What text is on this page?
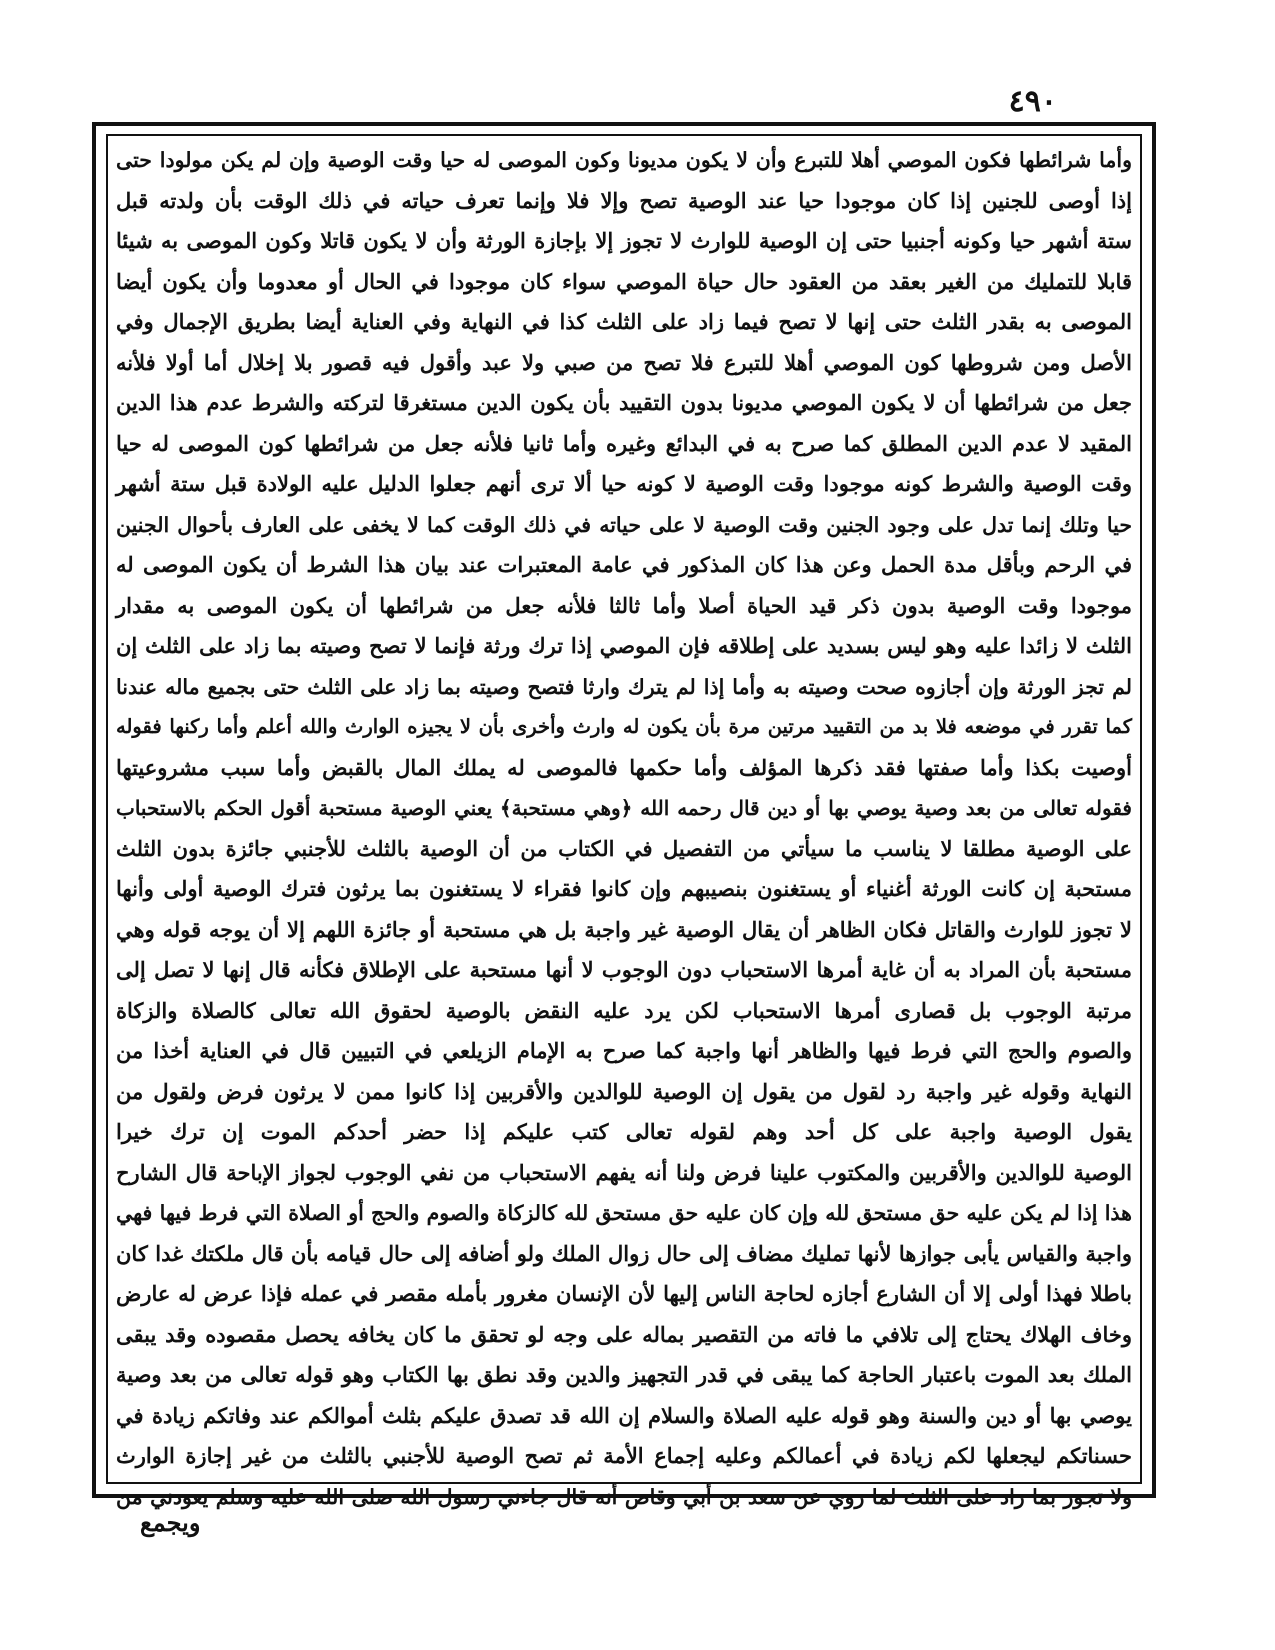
٤٩٠
وأما شرائطها فكون الموصي أهلا للتبرع وأن لا يكون مديونا وكون الموصى له حيا وقت الوصية وإن لم يكن مولودا حتى
إذا أوصى للجنين إذا كان موجودا حيا عند الوصية تصح وإلا فلا وإنما تعرف حياته في ذلك الوقت بأن ولدته قبل
ستة أشهر حيا وكونه أجنبيا حتى إن الوصية للوارث لا تجوز إلا بإجازة الورثة وأن لا يكون قاتلا وكون الموصى به شيئا
قابلا للتمليك من الغير بعقد من العقود حال حياة الموصي سواء كان موجودا في الحال أو معدوما وأن يكون أيضا
الموصى به بقدر الثلث حتى إنها لا تصح فيما زاد على الثلث كذا في النهاية وفي العناية أيضا بطريق الإجمال وفي
الأصل ومن شروطها كون الموصي أهلا للتبرع فلا تصح من صبي ولا عبد وأقول فيه قصور بلا إخلال أما أولا فلأنه
جعل من شرائطها أن لا يكون الموصي مديونا بدون التقييد بأن يكون الدين مستغرقا لتركته والشرط عدم هذا الدين
المقيد لا عدم الدين المطلق كما صرح به في البدائع وغيره وأما ثانيا فلأنه جعل من شرائطها كون الموصى له حيا
وقت الوصية والشرط كونه موجودا وقت الوصية لا كونه حيا ألا ترى أنهم جعلوا الدليل عليه الولادة قبل ستة أشهر
حيا وتلك إنما تدل على وجود الجنين وقت الوصية لا على حياته في ذلك الوقت كما لا يخفى على العارف بأحوال الجنين
في الرحم وبأقل مدة الحمل وعن هذا كان المذكور في عامة المعتبرات عند بيان هذا الشرط أن يكون الموصى له
موجودا وقت الوصية بدون ذكر قيد الحياة أصلا وأما ثالثا فلأنه جعل من شرائطها أن يكون الموصى به مقدار
الثلث لا زائدا عليه وهو ليس بسديد على إطلاقه فإن الموصي إذا ترك ورثة فإنما لا تصح وصيته بما زاد على الثلث إن
لم تجز الورثة وإن أجازوه صحت وصيته به وأما إذا لم يترك وارثا فتصح وصيته بما زاد على الثلث حتى بجميع ماله عندنا
كما تقرر في موضعه فلا بد من التقييد مرتين مرة بأن يكون له وارث وأخرى بأن لا يجيزه الوارث والله أعلم وأما ركنها فقوله
أوصيت بكذا وأما صفتها فقد ذكرها المؤلف وأما حكمها فالموصى له يملك المال بالقبض وأما سبب مشروعيتها
فقوله تعالى من بعد وصية يوصي بها أو دين قال رحمه الله ﴿وهي مستحبة﴾ يعني الوصية مستحبة أقول الحكم بالاستحباب
على الوصية مطلقا لا يناسب ما سيأتي من التفصيل في الكتاب من أن الوصية بالثلث للأجنبي جائزة بدون الثلث
مستحبة إن كانت الورثة أغنياء أو يستغنون بنصيبهم وإن كانوا فقراء لا يستغنون بما يرثون فترك الوصية أولى وأنها
لا تجوز للوارث والقاتل فكان الظاهر أن يقال الوصية غير واجبة بل هي مستحبة أو جائزة اللهم إلا أن يوجه قوله وهي
مستحبة بأن المراد به أن غاية أمرها الاستحباب دون الوجوب لا أنها مستحبة على الإطلاق فكأنه قال إنها لا تصل إلى
مرتبة الوجوب بل قصارى أمرها الاستحباب لكن يرد عليه النقض بالوصية لحقوق الله تعالى كالصلاة والزكاة
والصوم والحج التي فرط فيها والظاهر أنها واجبة كما صرح به الإمام الزيلعي في التبيين قال في العناية أخذا من
النهاية وقوله غير واجبة رد لقول من يقول إن الوصية للوالدين والأقربين إذا كانوا ممن لا يرثون فرض ولقول من
يقول الوصية واجبة على كل أحد وهم لقوله تعالى كتب عليكم إذا حضر أحدكم الموت إن ترك خيرا
الوصية للوالدين والأقربين والمكتوب علينا فرض ولنا أنه يفهم الاستحباب من نفي الوجوب لجواز الإباحة قال الشارح
هذا إذا لم يكن عليه حق مستحق لله وإن كان عليه حق مستحق لله كالزكاة والصوم والحج أو الصلاة التي فرط فيها فهي
واجبة والقياس يأبى جوازها لأنها تمليك مضاف إلى حال زوال الملك ولو أضافه إلى حال قيامه بأن قال ملكتك غدا كان
باطلا فهذا أولى إلا أن الشارع أجازه لحاجة الناس إليها لأن الإنسان مغرور بأمله مقصر في عمله فإذا عرض له عارض
وخاف الهلاك يحتاج إلى تلافي ما فاته من التقصير بماله على وجه لو تحقق ما كان يخافه يحصل مقصوده وقد يبقى
الملك بعد الموت باعتبار الحاجة كما يبقى في قدر التجهيز والدين وقد نطق بها الكتاب وهو قوله تعالى من بعد وصية
يوصي بها أو دين والسنة وهو قوله عليه الصلاة والسلام إن الله قد تصدق عليكم بثلث أموالكم عند وفاتكم زيادة في
حسناتكم ليجعلها لكم زيادة في أعمالكم وعليه إجماع الأمة ثم تصح الوصية للأجنبي بالثلث من غير إجازة الوارث
ولا تجوز بما زاد على الثلث لما روي عن سعد بن أبي وقاص أنه قال جاءني رسول الله صلى الله عليه وسلم يعودني من
ويجمع
